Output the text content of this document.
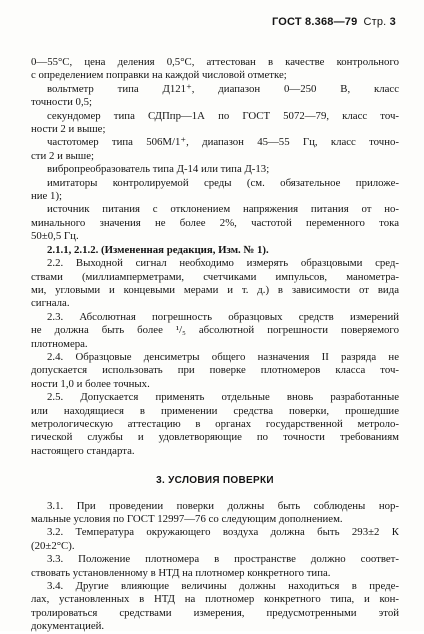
ГОСТ 8.368—79 Стр. 3

0—55°С, цена деления 0,5°С, аттестован в качестве контрольного
с определением поправки на каждой числовой отметке;

вольтметр типа Д121⁺, диапазон 0—250 В, класс

точности 0,5;

секундомер типа СДПпр—1А по ГОСТ 5072—79, класс точ-

ности 2 и выше;

частотомер типа 506М/1⁺, диапазон 45—55 Гц, класс точно-

сти 2 и выше;

вибропреобразователь типа Д-14 или типа Д-13;

имитаторы контролируемой среды (см. обязательное приложе-

ние 1);

источник питания с отклонением напряжения питания от но-

минального значения не более 2%, частотой переменного тока
50±0,5 Гц.

2.1.1, 2.1.2. (Измененная редакция, Изм. № 1).

2.2. Выходной сигнал необходимо измерять образцовыми сред-
ствами (миллиамперметрами, счетчиками импульсов, манометра-
ми, угловыми и концевыми мерами и т. д.) в зависимости от вида
сигнала.

2.3. Абсолютная погрешность образцовых средств измерений
не должна быть более ¹/₅ абсолютной погрешности поверяемого
плотномера.

2.4. Образцовые денсиметры общего назначения II разряда не
допускается использовать при поверке плотномеров класса точ-
ности 1,0 и более точных.

2.5. Допускается применять отдельные вновь разработанные
или находящиеся в применении средства поверки, прошедшие
метрологическую аттестацию в органах государственной метроло-
гической службы и удовлетворяющие по точности требованиям
настоящего стандарта.

3. УСЛОВИЯ ПОВЕРКИ

3.1. При проведении поверки должны быть соблюдены нор-
мальные условия по ГОСТ 12997—76 со следующим дополнением.

3.2. Температура окружающего воздуха должна быть 293±2 К
(20±2°С).

3.3. Положение плотномера в пространстве должно соответ-
ствовать установленному в НТД на плотномер конкретного типа.

3.4. Другие влияющие величины должны находиться в преде-
лах, установленных в НТД на плотномер конкретного типа, и кон-
тролироваться средствами измерения, предусмотренными этой
документацией.
